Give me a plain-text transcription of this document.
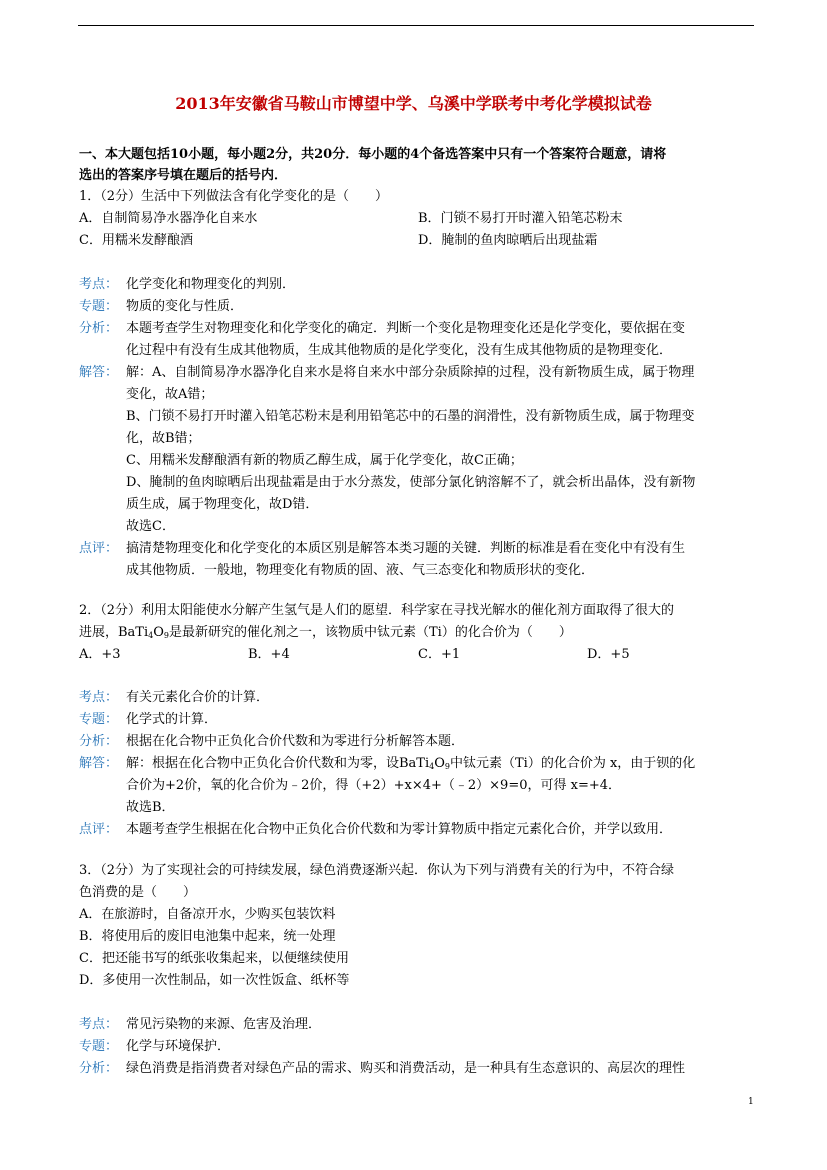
2013年安徽省马鞍山市博望中学、乌溪中学联考中考化学模拟试卷
一、本大题包括10小题，每小题2分，共20分．每小题的4个备选答案中只有一个答案符合题意，请将
选出的答案序号填在题后的括号内．
1．（2分）生活中下列做法含有化学变化的是（　　）
A．自制简易净水器净化自来水	B．门锁不易打开时灌入铅笔芯粉末
C．用糯米发酵酿酒	D．腌制的鱼肉晾晒后出现盐霜
考点： 化学变化和物理变化的判别．
专题： 物质的变化与性质．
分析： 本题考查学生对物理变化和化学变化的确定．判断一个变化是物理变化还是化学变化，要依据在变
化过程中有没有生成其他物质，生成其他物质的是化学变化，没有生成其他物质的是物理变化．
解答： 解：A、自制简易净水器净化自来水是将自来水中部分杂质除掉的过程，没有新物质生成，属于物理
变化，故A错；
B、门锁不易打开时灌入铅笔芯粉末是利用铅笔芯中的石墨的润滑性，没有新物质生成，属于物理变
化，故B错；
C、用糯米发酵酿酒有新的物质乙醇生成，属于化学变化，故C正确；
D、腌制的鱼肉晾晒后出现盐霜是由于水分蒸发，使部分氯化钠溶解不了，就会析出晶体，没有新物
质生成，属于物理变化，故D错．
故选C．
点评： 搞清楚物理变化和化学变化的本质区别是解答本类习题的关键．判断的标准是看在变化中有没有生
成其他物质．一般地，物理变化有物质的固、液、气三态变化和物质形状的变化．
2．（2分）利用太阳能使水分解产生氢气是人们的愿望．科学家在寻找光解水的催化剂方面取得了很大的
进展，$BaTi_4O_9$是最新研究的催化剂之一，该物质中钛元素（Ti）的化合价为（　　）
A．+3	B．+4	C．+1	D．+5
考点： 有关元素化合价的计算．
专题： 化学式的计算．
分析： 根据在化合物中正负化合价代数和为零进行分析解答本题．
解答： 解：根据在化合物中正负化合价代数和为零，设$BaTi_4O_9$中钛元素（Ti）的化合价为 x，由于钡的化
合价为+2价，氧的化合价为﹣2价，得（+2）+x×4+（﹣2）×9=0，可得 x=+4．
故选B．
点评： 本题考查学生根据在化合物中正负化合价代数和为零计算物质中指定元素化合价，并学以致用．
3．（2分）为了实现社会的可持续发展，绿色消费逐渐兴起．你认为下列与消费有关的行为中，不符合绿
色消费的是（　　）
A．在旅游时，自备凉开水，少购买包装饮料
B．将使用后的废旧电池集中起来，统一处理
C．把还能书写的纸张收集起来，以便继续使用
D．多使用一次性制品，如一次性饭盒、纸杯等
考点： 常见污染物的来源、危害及治理．
专题： 化学与环境保护．
分析： 绿色消费是指消费者对绿色产品的需求、购买和消费活动，是一种具有生态意识的、高层次的理性
1
